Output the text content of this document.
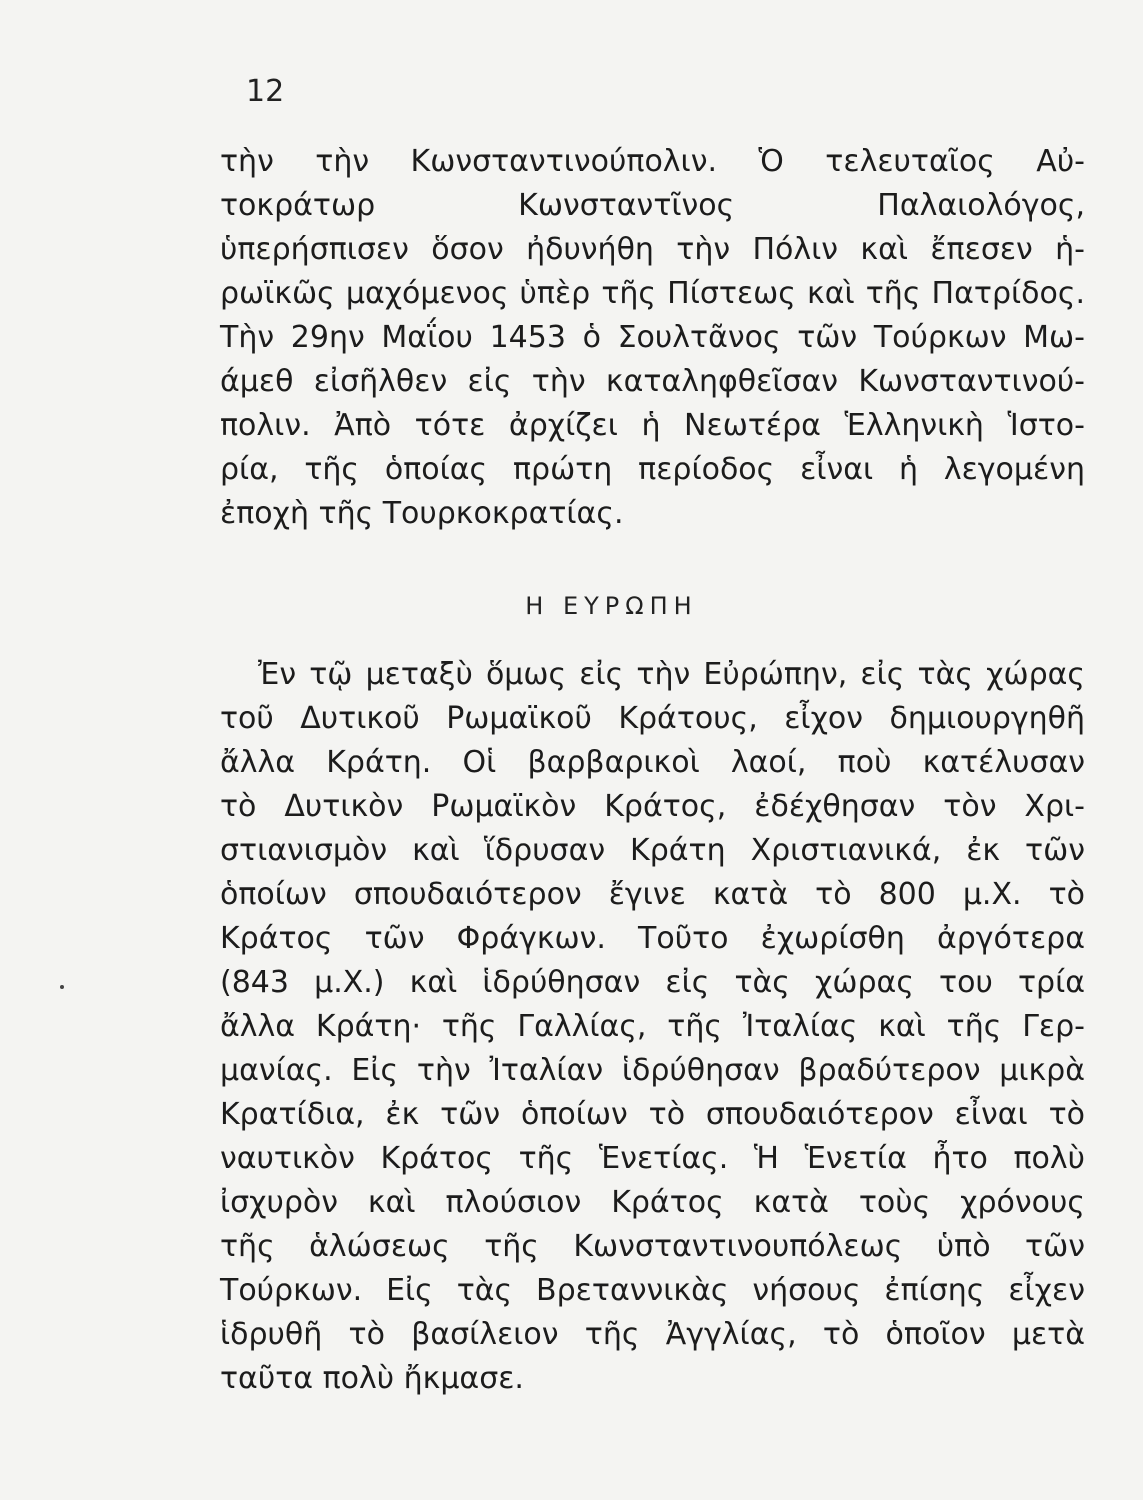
12
τὴν τὴν Κωνσταντινούπολιν. Ὁ τελευταῖος Αὐ-
τοκράτωρ Κωνσταντῖνος Παλαιολόγος,
ὑπερήσπισεν ὅσον ἠδυνήθη τὴν Πόλιν καὶ ἔπεσεν ἡ-
ρωϊκῶς μαχόμενος ὑπὲρ τῆς Πίστεως καὶ τῆς Πατρίδος.
Τὴν 29ην Μαΐου 1453 ὁ Σουλτᾶνος τῶν Τούρκων Μω-
άμεθ εἰσῆλθεν εἰς τὴν καταληφθεῖσαν Κωνσταντινού-
πολιν. Ἀπὸ τότε ἀρχίζει ἡ Νεωτέρα Ἑλληνικὴ Ἱστο-
ρία, τῆς ὁποίας πρώτη περίοδος εἶναι ἡ λεγομένη
ἐποχὴ τῆς Τουρκοκρατίας.
Η ΕΥΡΩΠΗ
Ἐν τῷ μεταξὺ ὅμως εἰς τὴν Εὐρώπην, εἰς τὰς χώρας
τοῦ Δυτικοῦ Ρωμαϊκοῦ Κράτους, εἶχον δημιουργηθῆ
ἄλλα Κράτη. Οἱ βαρβαρικοὶ λαοί, ποὺ κατέλυσαν
τὸ Δυτικὸν Ρωμαϊκὸν Κράτος, ἐδέχθησαν τὸν Χρι-
στιανισμὸν καὶ ἵδρυσαν Κράτη Χριστιανικά, ἐκ τῶν
ὁποίων σπουδαιότερον ἔγινε κατὰ τὸ 800 μ.Χ. τὸ
Κράτος τῶν Φράγκων. Τοῦτο ἐχωρίσθη ἀργότερα
(843 μ.Χ.) καὶ ἱδρύθησαν εἰς τὰς χώρας του τρία
ἄλλα Κράτη· τῆς Γαλλίας, τῆς Ἰταλίας καὶ τῆς Γερ-
μανίας. Εἰς τὴν Ἰταλίαν ἱδρύθησαν βραδύτερον μικρὰ
Κρατίδια, ἐκ τῶν ὁποίων τὸ σπουδαιότερον εἶναι τὸ
ναυτικὸν Κράτος τῆς Ἑνετίας. Ἡ Ἑνετία ἦτο πολὺ
ἰσχυρὸν καὶ πλούσιον Κράτος κατὰ τοὺς χρόνους
τῆς ἁλώσεως τῆς Κωνσταντινουπόλεως ὑπὸ τῶν
Τούρκων. Εἰς τὰς Βρεταννικὰς νήσους ἐπίσης εἶχεν
ἱδρυθῆ τὸ βασίλειον τῆς Ἀγγλίας, τὸ ὁποῖον μετὰ
ταῦτα πολὺ ἤκμασε.
